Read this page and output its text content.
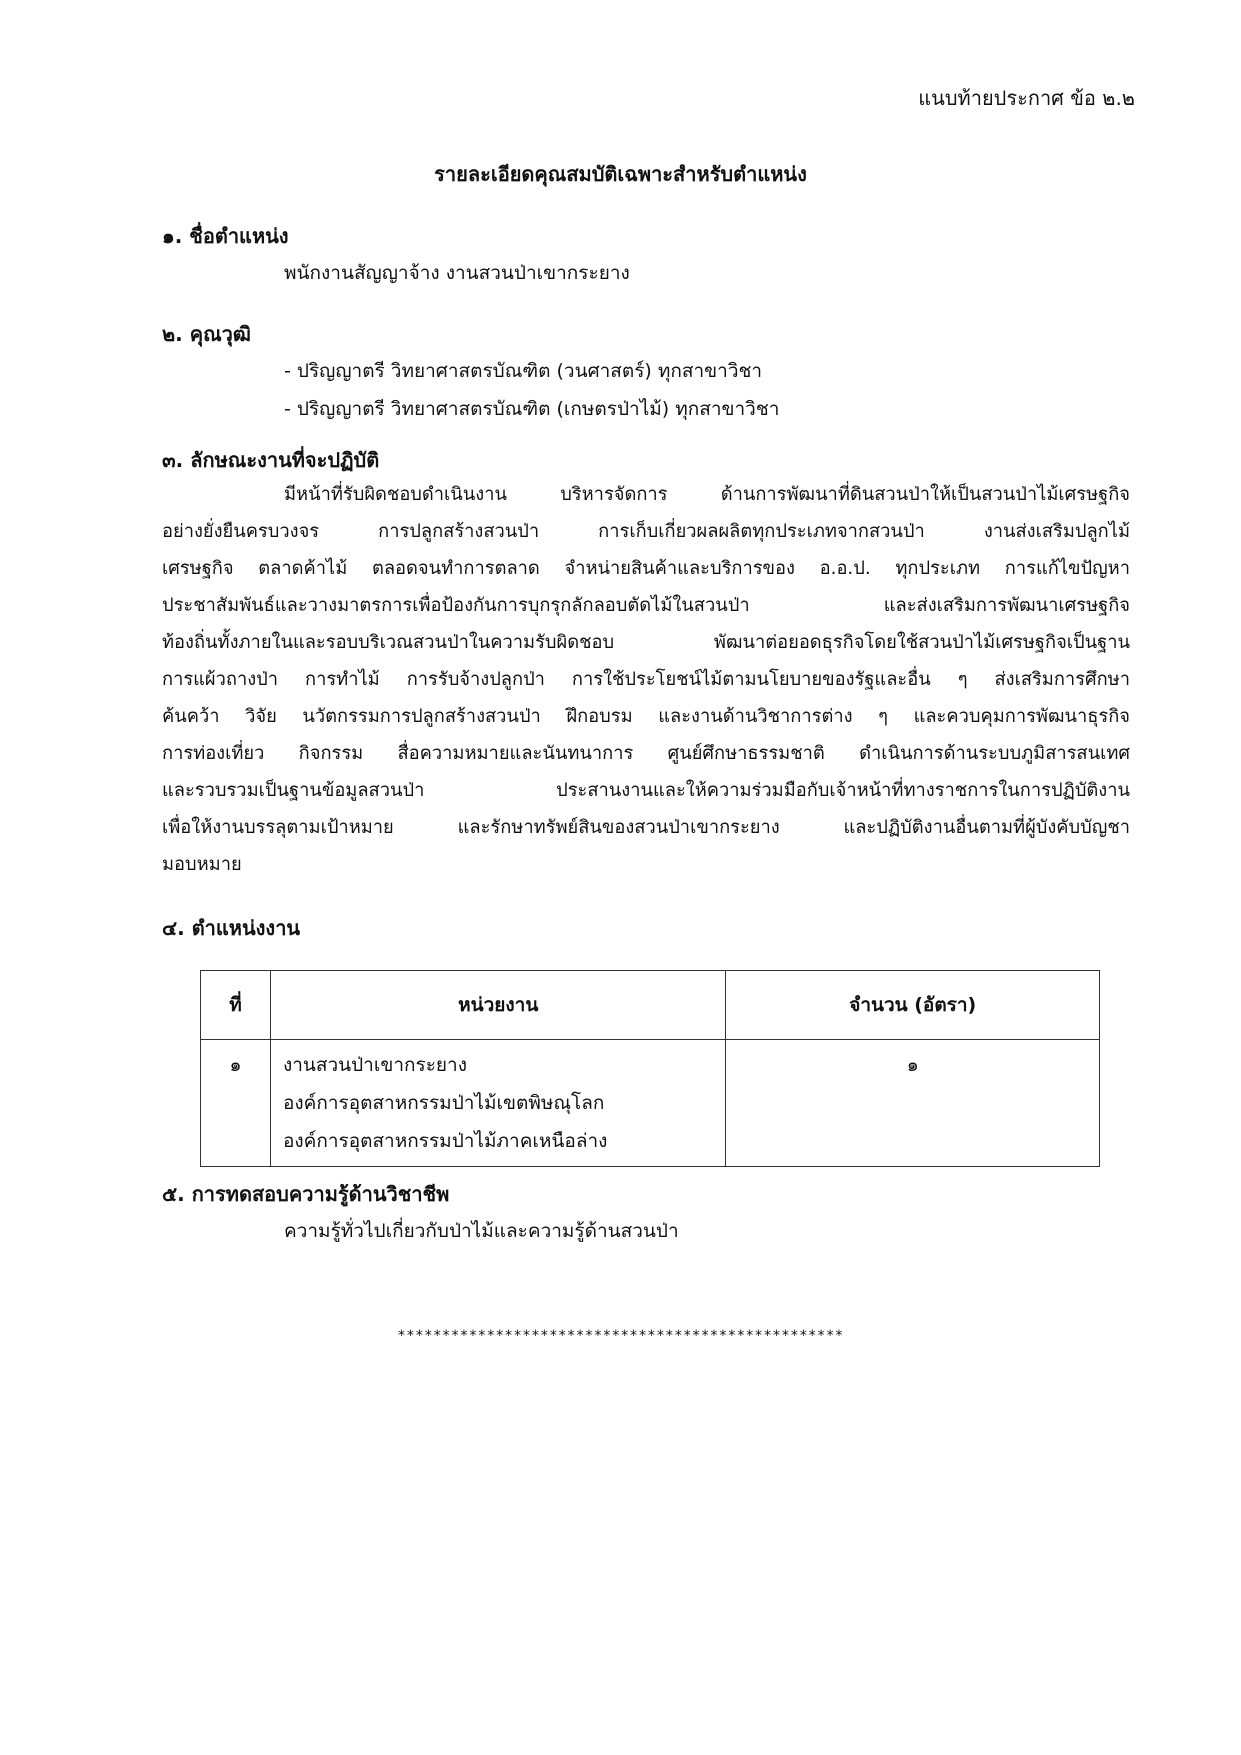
แนบท้ายประกาศ ข้อ ๒.๒
รายละเอียดคุณสมบัติเฉพาะสำหรับตำแหน่ง
๑. ชื่อตำแหน่ง
พนักงานสัญญาจ้าง งานสวนป่าเขากระยาง
๒. คุณวุฒิ
- ปริญญาตรี วิทยาศาสตรบัณฑิต (วนศาสตร์) ทุกสาขาวิชา
- ปริญญาตรี วิทยาศาสตรบัณฑิต (เกษตรป่าไม้) ทุกสาขาวิชา
๓. ลักษณะงานที่จะปฏิบัติ
มีหน้าที่รับผิดชอบดำเนินงาน บริหารจัดการ ด้านการพัฒนาที่ดินสวนป่าให้เป็นสวนป่าไม้เศรษฐกิจ
อย่างยั่งยืนครบวงจร การปลูกสร้างสวนป่า การเก็บเกี่ยวผลผลิตทุกประเภทจากสวนป่า งานส่งเสริมปลูกไม้
เศรษฐกิจ ตลาดค้าไม้ ตลอดจนทำการตลาด จำหน่ายสินค้าและบริการของ อ.อ.ป. ทุกประเภท การแก้ไขปัญหา
ประชาสัมพันธ์และวางมาตรการเพื่อป้องกันการบุกรุกลักลอบตัดไม้ในสวนป่า และส่งเสริมการพัฒนาเศรษฐกิจ
ท้องถิ่นทั้งภายในและรอบบริเวณสวนป่าในความรับผิดชอบ พัฒนาต่อยอดธุรกิจโดยใช้สวนป่าไม้เศรษฐกิจเป็นฐาน
การแผ้วถางป่า การทำไม้ การรับจ้างปลูกป่า การใช้ประโยชน์ไม้ตามนโยบายของรัฐและอื่น ๆ ส่งเสริมการศึกษา
ค้นคว้า วิจัย นวัตกรรมการปลูกสร้างสวนป่า ฝึกอบรม และงานด้านวิชาการต่าง ๆ และควบคุมการพัฒนาธุรกิจ
การท่องเที่ยว กิจกรรม สื่อความหมายและนันทนาการ ศูนย์ศึกษาธรรมชาติ ดำเนินการด้านระบบภูมิสารสนเทศ
และรวบรวมเป็นฐานข้อมูลสวนป่า ประสานงานและให้ความร่วมมือกับเจ้าหน้าที่ทางราชการในการปฏิบัติงาน
เพื่อให้งานบรรลุตามเป้าหมาย และรักษาทรัพย์สินของสวนป่าเขากระยาง และปฏิบัติงานอื่นตามที่ผู้บังคับบัญชา
มอบหมาย
๔. ตำแหน่งงาน
ที่	หน่วยงาน	จำนวน (อัตรา)
๑	งานสวนป่าเขากระยาง
องค์การอุตสาหกรรมป่าไม้เขตพิษณุโลก
องค์การอุตสาหกรรมป่าไม้ภาคเหนือล่าง	๑
๕. การทดสอบความรู้ด้านวิชาชีพ
ความรู้ทั่วไปเกี่ยวกับป่าไม้และความรู้ด้านสวนป่า
**************************************************
